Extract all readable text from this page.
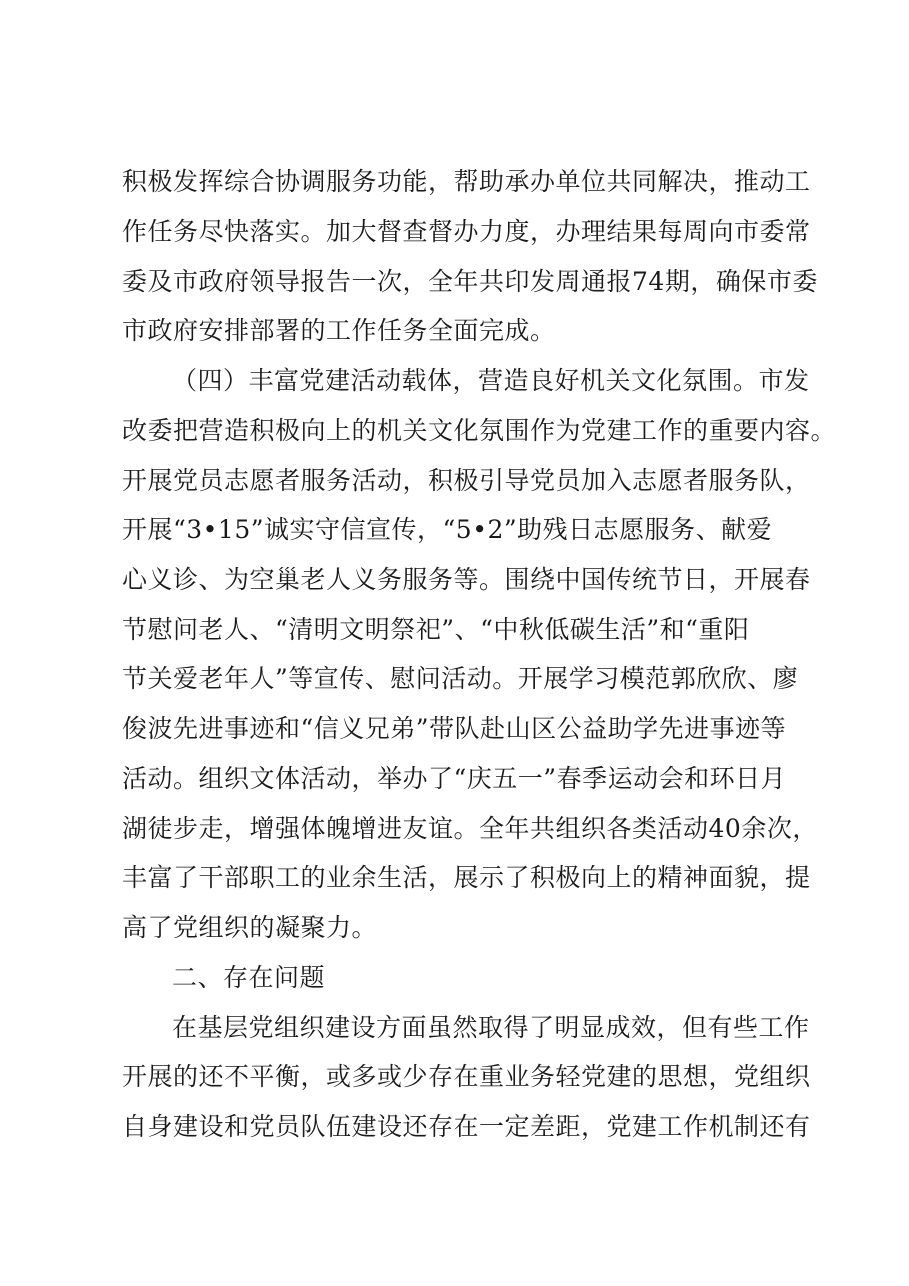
积极发挥综合协调服务功能，帮助承办单位共同解决，推动工
作任务尽快落实。加大督查督办力度，办理结果每周向市委常
委及市政府领导报告一次，全年共印发周通报74期，确保市委
市政府安排部署的工作任务全面完成。
（四）丰富党建活动载体，营造良好机关文化氛围。市发
改委把营造积极向上的机关文化氛围作为党建工作的重要内容。
开展党员志愿者服务活动，积极引导党员加入志愿者服务队，
开展“3•15”诚实守信宣传，“5•2”助残日志愿服务、献爱
心义诊、为空巢老人义务服务等。围绕中国传统节日，开展春
节慰问老人、“清明文明祭祀”、“中秋低碳生活”和“重阳
节关爱老年人”等宣传、慰问活动。开展学习模范郭欣欣、廖
俊波先进事迹和“信义兄弟”带队赴山区公益助学先进事迹等
活动。组织文体活动，举办了“庆五一”春季运动会和环日月
湖徒步走，增强体魄增进友谊。全年共组织各类活动40余次，
丰富了干部职工的业余生活，展示了积极向上的精神面貌，提
高了党组织的凝聚力。
二、存在问题
在基层党组织建设方面虽然取得了明显成效，但有些工作
开展的还不平衡，或多或少存在重业务轻党建的思想，党组织
自身建设和党员队伍建设还存在一定差距，党建工作机制还有
